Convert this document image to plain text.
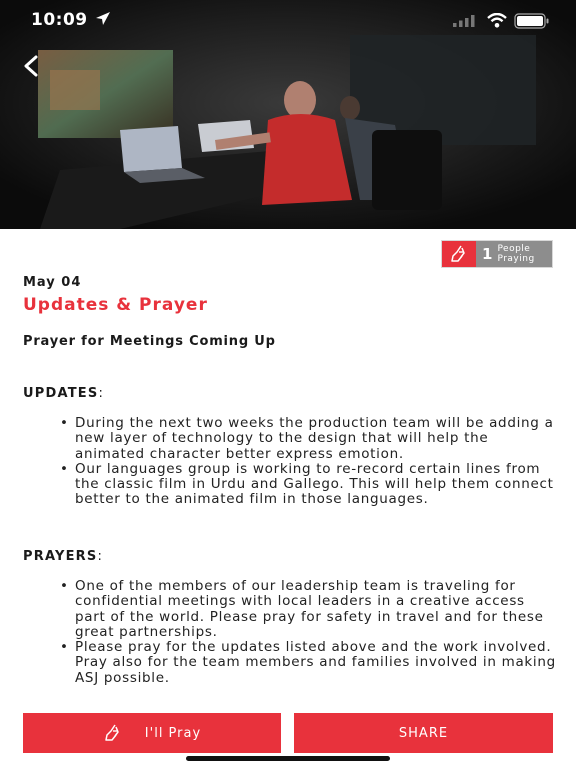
10:09
1 People
Praying
May 04
Updates & Prayer
Prayer for Meetings Coming Up
UPDATES:
• During the next two weeks the production team will be adding a new layer of technology to the design that will help the animated character better express emotion.
• Our languages group is working to re-record certain lines from the classic film in Urdu and Gallego. This will help them connect better to the animated film in those languages.
PRAYERS:
• One of the members of our leadership team is traveling for confidential meetings with local leaders in a creative access part of the world. Please pray for safety in travel and for these great partnerships.
• Please pray for the updates listed above and the work involved. Pray also for the team members and families involved in making ASJ possible.
I'll Pray	SHARE
